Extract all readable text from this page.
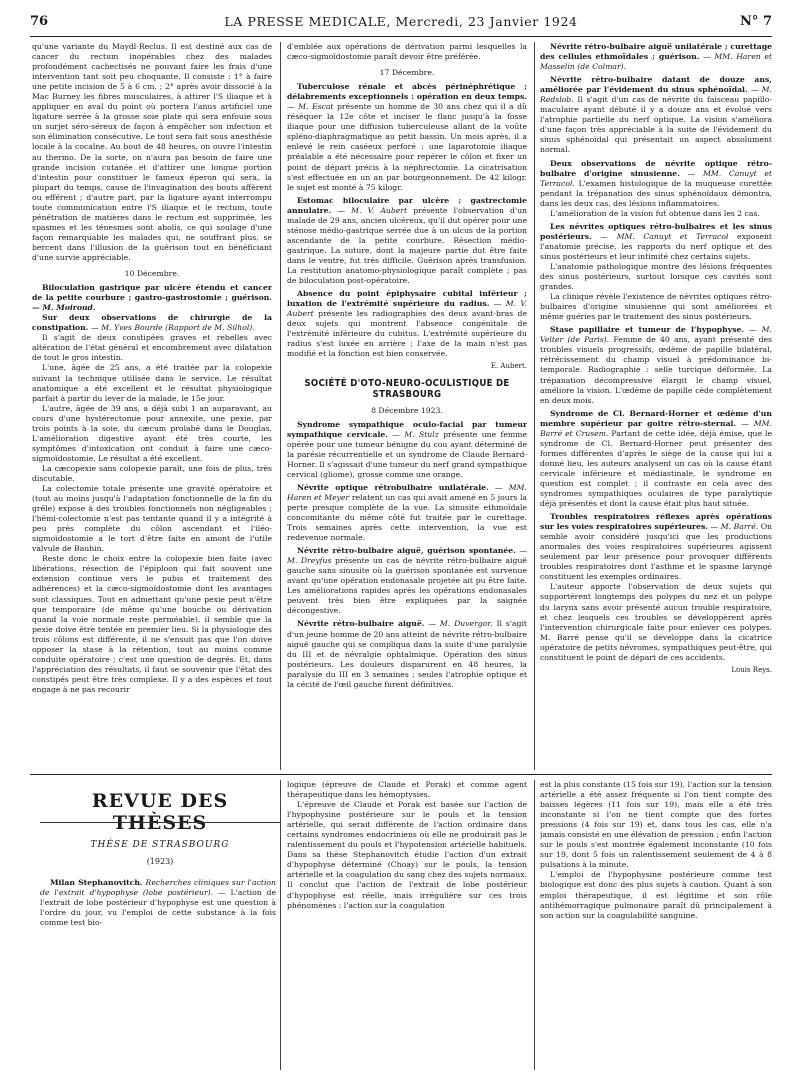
76	LA PRESSE MEDICALE, Mercredi, 23 Janvier 1924	N° 7

qu'une variante du Maydl-Reclus. Il est destiné aux cas de cancer du rectum inopérables chez des malades profondément cachectisés ne pouvant faire les frais d'une intervention tant soit peu choquante. Il consiste : 1° à faire une petite incision de 5 à 6 cm. ; 2° après avoir dissocié à la Mac Burney les fibres musculaires, à attirer l'S iliaque et à appliquer en aval du point où portera l'anus artificiel une ligature serrée à la grosse soie plate qui sera enfouie sous un surjet séro-séreux de façon à empêcher son infection et son élimination consécutive. Le tout sera fait sous anesthésie locale à la cocaïne. Au bout de 48 heures, on ouvre l'intestin au thermo. De la sorte, on n'aura pas besoin de faire une grande incision cutanée et d'attirer une longue portion d'intestin pour constituer le fameux éperon qui sera, la plupart du temps, cause de l'invagination des bouts afférent ou efférent ; d'autre part, par la ligature ayant interrompu toute communication entre l'S iliaque et le rectum, toute pénétration de matières dans le rectum est supprimée, les spasmes et les ténesmes sont abolis, ce qui soulage d'une façon remarquable les malades qui, ne souffrant plus, se bercent dans l'illusion de la guérison tout en bénéficiant d'une survie appréciable.

10 Décembre.

Biloculation gastrique par ulcère étendu et cancer de la petite courbure ; gastro-gastrostomie ; guérison. — M. Moiroud.

Sur deux observations de chirurgie de la constipation. — M. Yves Bourde (Rapport de M. Silhol).

Il s'agit de deux constipées graves et rebelles avec altération de l'état général et encombrement avec dilatation de tout le gros intestin.

L'une, âgée de 25 ans, a été traitée par la colopexie suivant la technique utilisée dans le service. Le résultat anatomique a été excellent et le résultat physiologique parfait à partir du lever de la malade, le 15e jour.

L'autre, âgée de 39 ans, a déjà subi 1 an auparavant, au cours d'une hystérectomie pour annexite, une pexie, par trois points à la soie, du cæcum prolabé dans le Douglas. L'amélioration digestive ayant été très courte, les symptômes d'intoxication ont conduit à faire une cæco-sigmoïdostomie. Le résultat a été excellent.

La cæcopexie sans colopexie paraît, une fois de plus, très discutable.

La colectomie totale présente une gravité opératoire et (tout au moins jusqu'à l'adaptation fonctionnelle de la fin du grêle) expose à des troubles fonctionnels non négligeables ; l'hémi-colectomie n'est pas tentante quand il y a intégrité à peu près complète du côlon ascendant et l'iléo-sigmoïdostomie a le tort d'être faite en amont de l'utile valvule de Bauhin.

Reste donc le choix entre la colopexie bien faite (avec libérations, résection de l'épiploon qui fait souvent une extension continue vers le pubis et traitement des adhérences) et la cæco-sigmoïdostomie dont les avantages sont classiques. Tout en admettant qu'une pexie peut n'être que temporaire (de même qu'une bouche ou dérivation quand la voie normale reste perméable), il semble que la pexie doive être tentée en premier lieu. Si la physiologie des trois côlons est différente, il ne s'ensuit pas que l'on doive opposer la stase à la rétention, tout au moins comme conduite opératoire ; c'est une question de degrés. Et, dans l'appréciation des résultats, il faut se souvenir que l'état des constipés peut être très complexe. Il y a des espèces et tout engage à ne pas recourir

d'emblée aux opérations de dérivation parmi lesquelles la cæco-sigmoïdostomie paraît devoir être préférée.

17 Décembre.

Tuberculose rénale et abcès périnéphrétique ; délabrements exceptionnels : opération en deux temps. — M. Escat présente un homme de 30 ans chez qui il a dû réséquer la 12e côte et inciser le flanc jusqu'à la fosse iliaque pour une diffusion tuberculeuse allant de la voûte spléno-diaphragmatique au petit bassin. Un mois après, il a enlevé le rein caséeux perforé : une laparotomie iliaque préalable a été nécessaire pour repérer le côlon et fixer un point de départ précis à la néphrectomie. La cicatrisation s'est effectuée en un an par bourgeonnement. De 42 kilogr. le sujet est monté à 75 kilogr.

Estomac biloculaire par ulcère ; gastrectomie annulaire. — M. V. Aubert présente l'observation d'un malade de 29 ans, ancien ulcéreux, qu'il dut opérer pour une sténose médio-gastrique serrée due à un ulcus de la portion ascendante de la petite courbure. Résection médio-gastrique. La suture, dont la majeure partie dut être faite dans le ventre, fut très difficile. Guérison après transfusion. La restitution anatomo-physiologique paraît complète ; pas de biloculation post-opératoire.

Absence du point épiphysaire cubital inférieur ; luxation de l'extrémité supérieure du radius. — M. V. Aubert présente les radiographies des deux avant-bras de deux sujets qui montrent l'absence congénitale de l'extrémité inférieure du cubitus. L'extrémité supérieure du radius s'est luxée en arrière ; l'axe de la main n'est pas modifié et la fonction est bien conservée.

E. Aubert.

SOCIÉTÉ D'OTO-NEURO-OCULISTIQUE DE STRASBOURG

8 Décembre 1923.

Syndrome sympathique oculo-facial par tumeur sympathique cervicale. — M. Stulz présente une femme opérée pour une tumeur bénigne du cou ayant déterminé de la parésie récurrentielle et un syndrome de Claude Bernard-Horner. Il s'agissait d'une tumeur du nerf grand sympathique cervical (gliome), grosse comme une orange.

Névrite optique rétrobulbaire unilatérale. — MM. Haren et Meyer relatent un cas qui avait amené en 5 jours la perte presque complète de la vue. La sinusite ethmoïdale concomitante du même côté fut traitée par le curettage. Trois semaines après cette intervention, la vue est redevenue normale.

Névrite rétro-bulbaire aiguë, guérison spontanée. — M. Dreyfus présente un cas de névrite rétro-bulbaire aiguë gauche sans sinusite où la guérison spontanée est survenue avant qu'une opération endonasale projetée ait pu être faite. Les améliorations rapides après les opérations endonasales peuvent très bien être expliquées par la saignée décongestive.

Névrite rétro-bulbaire aiguë. — M. Duvergor. Il s'agit d'un jeune homme de 20 ans atteint de névrite rétro-bulbaire aiguë gauche qui se compliqua dans la suite d'une paralysie du III et de névralgie ophtalmique. Opération des sinus postérieurs. Les douleurs disparurent en 48 heures, la paralysie du III en 3 semaines ; seules l'atrophie optique et la cécité de l'œil gauche furent définitives.

Névrite rétro-bulbaire aiguë unilatérale ; curettage des cellules ethmoïdales ; guérison. — MM. Haren et Masselin (de Colmar).

Névrite rétro-bulbaire datant de douze ans, améliorée par l'évidement du sinus sphénoïdal. — M. Redslob. Il s'agit d'un cas de névrite du faisceau papillo-maculaire ayant débuté il y a douze ans et évolué vers l'atrophie partielle du nerf optique. La vision s'améliora d'une façon très appréciable à la suite de l'évidement du sinus sphénoïdal qui présentait un aspect absolument normal.

Deux observations de névrite optique rétro-bulbaire d'origine sinusienne. — MM. Canuyt et Terracol. L'examen histologique de la muqueuse curettée pendant la trépanation des sinus sphénoïdaux démontra, dans les deux cas, des lésions inflammatoires.

L'amélioration de la vision fut obtenue dans les 2 cas.

Les névrites optiques rétro-bulbaires et les sinus postérieurs. — MM. Canuyt et Terracol exposent l'anatomie précise, les rapports du nerf optique et des sinus postérieurs et leur intimité chez certains sujets.

L'anatomie pathologique montre des lésions fréquentes des sinus postérieurs, surtout lorsque ces cavités sont grandes.

La clinique révèle l'existence de névrites optiques rétro-bulbaires d'origine sinusienne qui sont améliorées et même guéries par le traitement des sinus postérieurs.

Stase papillaire et tumeur de l'hypophyse. — M. Velter (de Paris). Femme de 40 ans, ayant présenté des troubles visuels progressifs, œdème de papille bilatéral, rétrécissement du champ visuel à prédominance bi-temporale. Radiographie : selle turcique déformée. La trépanation décompressive élargit le champ visuel, améliore la vision. L'œdème de papille cède complètement en deux mois.

Syndrome de Cl. Bernard-Horner et œdème d'un membre supérieur par goitre rétro-sternal. — MM. Barré et Crusem. Partant de cette idée, déjà émise, que le syndrome de Cl. Bernard-Horner peut présenter des formes différentes d'après le siège de la cause qui lui a donné lieu, les auteurs analysent un cas où la cause étant cervicale inférieure et médiastinale, le syndrome en question est complet ; il contraste en cela avec des syndromes sympathiques oculaires de type paralytique déjà présentés et dont la cause était plus haut située.

Troubles respiratoires réflexes après opérations sur les voies respiratoires supérieures. — M. Barré. On semble avoir considéré jusqu'ici que les productions anormales des voies respiratoires supérieures agissent seulement par leur présence pour provoquer différents troubles respiratoires dont l'asthme et le spasme laryngé constituent les exemples ordinaires.

L'auteur apporte l'observation de deux sujets qui supportèrent longtemps des polypes du nez et un polype du larynx sans avoir présenté aucun trouble respiratoire, et chez lesquels ces troubles se développèrent après l'intervention chirurgicale faite pour enlever ces polypes. M. Barré pense qu'il se développe dans la cicatrice opératoire de petits névromes, sympathiques peut-être, qui constituent le point de départ de ces accidents.

Louis Reys.

REVUE DES THÈSES
THÈSE DE STRASBOURG
(1923)

Milan Stephanovitch. Recherches cliniques sur l'action de l'extrait d'hypophyse (lobe postérieur). — L'action de l'extrait de lobe postérieur d'hypophyse est une question à l'ordre du jour, vu l'emploi de cette substance à la fois comme test bio-

logique (épreuve de Claude et Porak) et comme agent thérapeutique dans les hémoptysies.

L'épreuve de Claude et Porak est basée sur l'action de l'hypophysine postérieure sur le pouls et la tension artérielle, qui serait différente de l'action ordinaire dans certains syndromes endocriniens où elle ne produirait pas le ralentissement du pouls et l'hypotension artérielle habituels. Dans sa thèse Stephanovitch étudie l'action d'un extrait d'hypophyse déterminé (Choay) sur le pouls, la tension artérielle et la coagulation du sang chez des sujets normaux. Il conclut que l'action de l'extrait de lobe postérieur d'hypophyse est réelle, mais irrégulière sur ces trois phénomènes : l'action sur la coagulation

est la plus constante (15 fois sur 19), l'action sur la tension artérielle a été assez fréquente si l'on tient compte des baisses légères (11 fois sur 19), mais elle a été très inconstante si l'on ne tient compte que des fortes pressions (4 fois sur 19) et, dans tous les cas, elle n'a jamais consisté en une élévation de pression ; enfin l'action sur le pouls s'est montrée également inconstante (10 fois sur 19, dont 5 fois un ralentissement seulement de 4 à 8 pulsations à la minute.

L'emploi de l'hypophysine postérieure comme test biologique est donc des plus sujets à caution. Quant à son emploi thérapeutique, il est légitime et son rôle antihémorragique pulmonaire paraît dû principalement à son action sur la coagulabilité sanguine.
